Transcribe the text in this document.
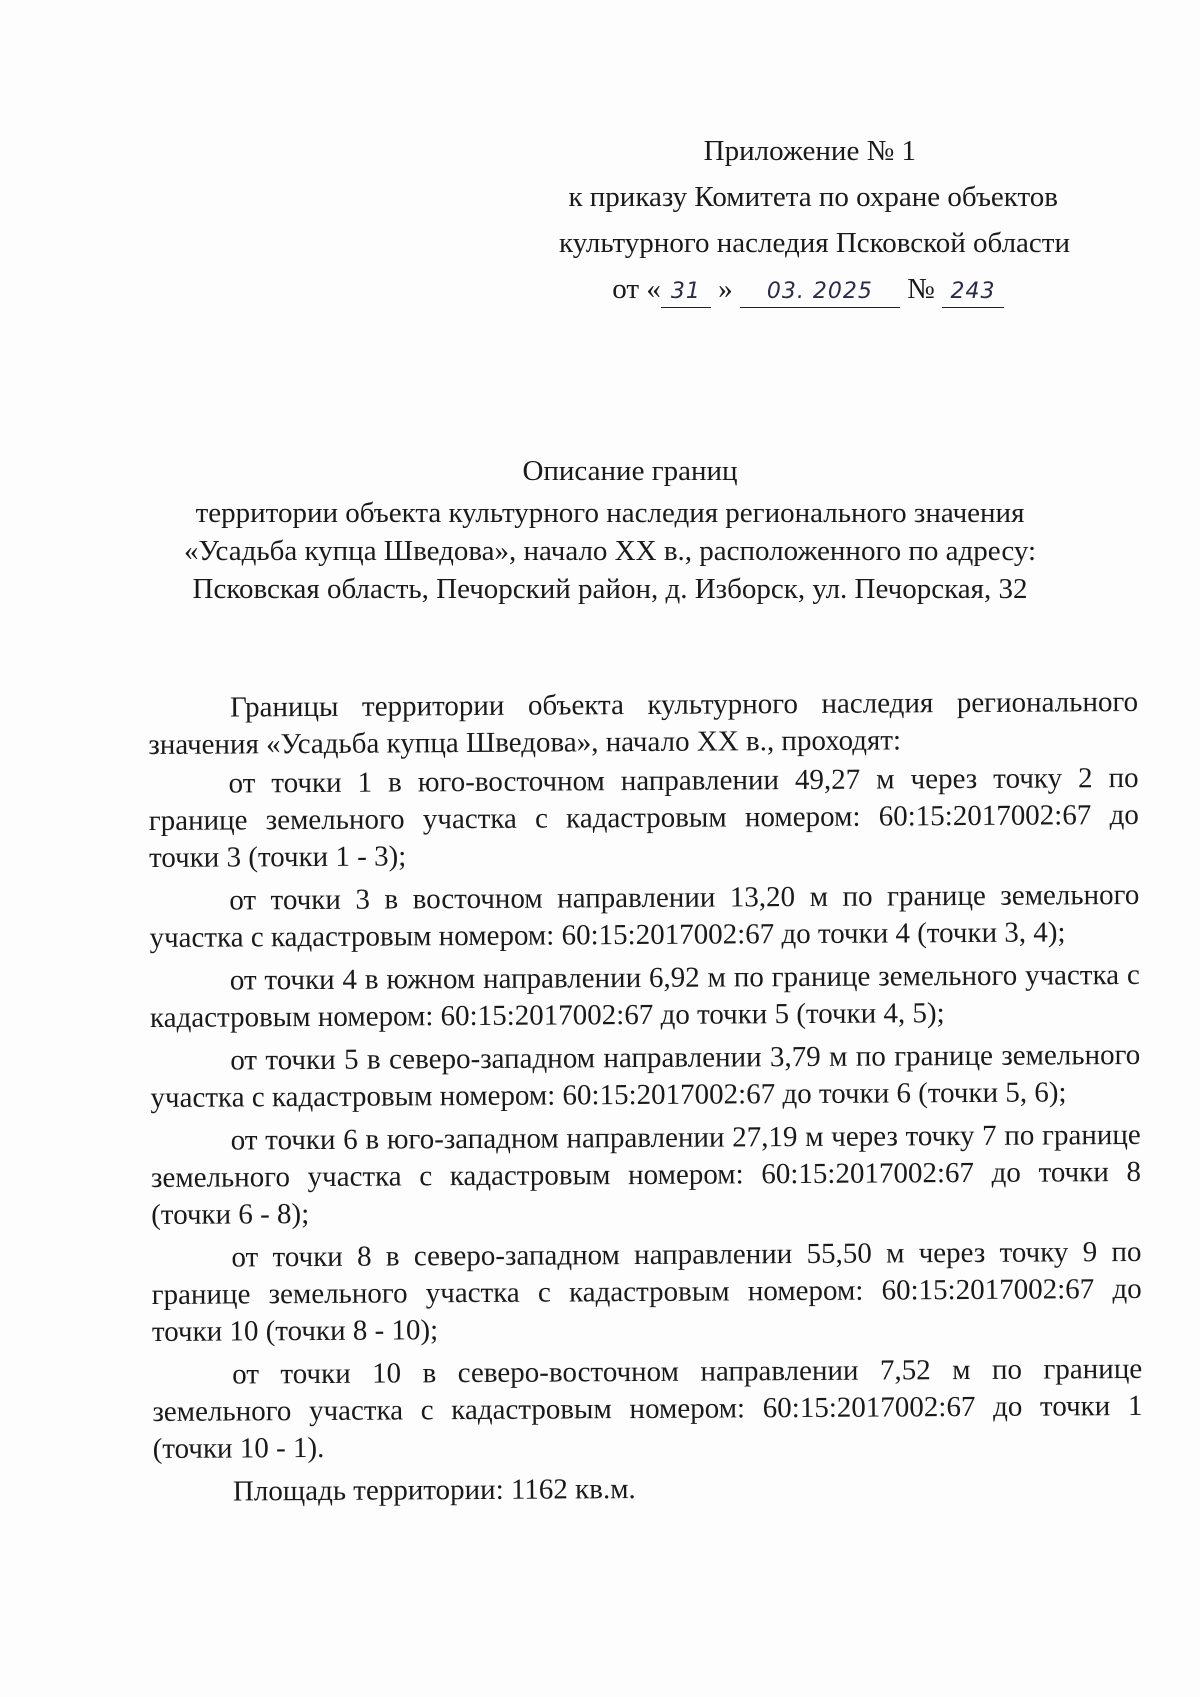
Приложение № 1
к приказу Комитета по охране объектов
культурного наследия Псковской области
от « 31 » 03. 2025 № 243
Описание границ
территории объекта культурного наследия регионального значения
«Усадьба купца Шведова», начало XX в., расположенного по адресу:
Псковская область, Печорский район, д. Изборск, ул. Печорская, 32

Границы территории объекта культурного наследия регионального значения «Усадьба купца Шведова», начало XX в., проходят:

от точки 1 в юго-восточном направлении 49,27 м через точку 2 по границе земельного участка с кадастровым номером: 60:15:2017002:67 до точки 3 (точки 1 - 3);

от точки 3 в восточном направлении 13,20 м по границе земельного участка с кадастровым номером: 60:15:2017002:67 до точки 4 (точки 3, 4);

от точки 4 в южном направлении 6,92 м по границе земельного участка с кадастровым номером: 60:15:2017002:67 до точки 5 (точки 4, 5);

от точки 5 в северо-западном направлении 3,79 м по границе земельного участка с кадастровым номером: 60:15:2017002:67 до точки 6 (точки 5, 6);

от точки 6 в юго-западном направлении 27,19 м через точку 7 по границе земельного участка с кадастровым номером: 60:15:2017002:67 до точки 8 (точки 6 - 8);

от точки 8 в северо-западном направлении 55,50 м через точку 9 по границе земельного участка с кадастровым номером: 60:15:2017002:67 до точки 10 (точки 8 - 10);

от точки 10 в северо-восточном направлении 7,52 м по границе земельного участка с кадастровым номером: 60:15:2017002:67 до точки 1 (точки 10 - 1).

Площадь территории: 1162 кв.м.
